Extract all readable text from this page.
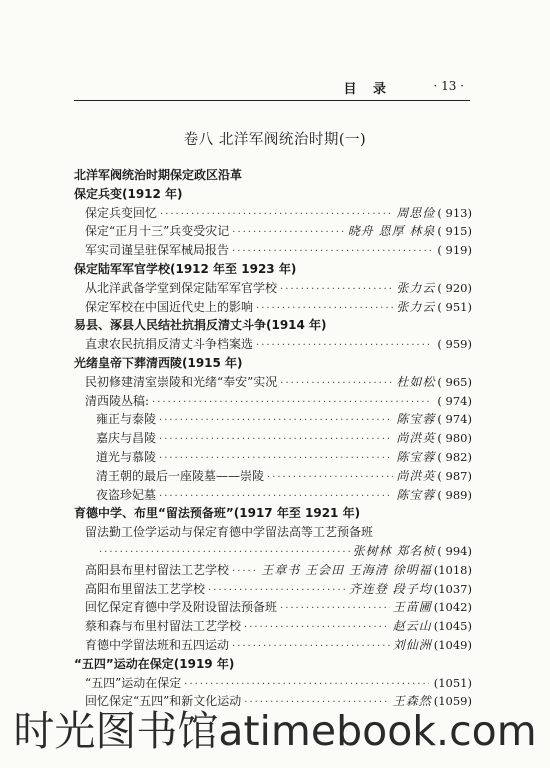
目 录	· 13 ·
卷八 北洋军阀统治时期(一)
北洋军阀统治时期保定政区沿革
保定兵变(1912 年)
保定兵变回忆 ·····	周思俭 ( 913)
保定“正月十三”兵变受灾记 ·····	晓舟 恩厚 林泉 ( 915)
军实司谨呈驻保军械局报告 ·····	( 919)
保定陆军军官学校(1912 年至 1923 年)
从北洋武备学堂到保定陆军军官学校 ·····	张力云 ( 920)
保定军校在中国近代史上的影响 ·····	张力云 ( 951)
易县、涿县人民结社抗捐反清丈斗争(1914 年)
直隶农民抗捐反清丈斗争档案选 ·····	( 959)
光绪皇帝下葬清西陵(1915 年)
民初修建清室崇陵和光绪“奉安”实况 ·····	杜如松 ( 965)
清西陵丛稿: ·····	( 974)
雍正与泰陵 ·····	陈宝蓉 ( 974)
嘉庆与昌陵 ·····	尚洪英 ( 980)
道光与慕陵 ·····	陈宝蓉 ( 982)
清王朝的最后一座陵墓——崇陵 ·····	尚洪英 ( 987)
夜盗珍妃墓 ·····	陈宝蓉 ( 989)
育德中学、布里“留法预备班”(1917 年至 1921 年)
留法勤工俭学运动与保定育德中学留法高等工艺预备班
·····
张树林 郑名桢 ( 994)
高阳县布里村留法工艺学校 ·····	王章书 王会田 王海清 徐明福 (1018)
高阳布里留法工艺学校 ·····	齐连登 段子均 (1037)
回忆保定育德中学及附设留法预备班 ·····	王苗圃 (1042)
蔡和森与布里村留法工艺学校 ·····	赵云山 (1045)
育德中学留法班和五四运动 ·····	刘仙洲 (1049)
“五四”运动在保定(1919 年)
“五四”运动在保定 ·····	(1051)
回忆保定“五四”和新文化运动 ·····	王森然 (1059)
时光图书馆atimebook.com
